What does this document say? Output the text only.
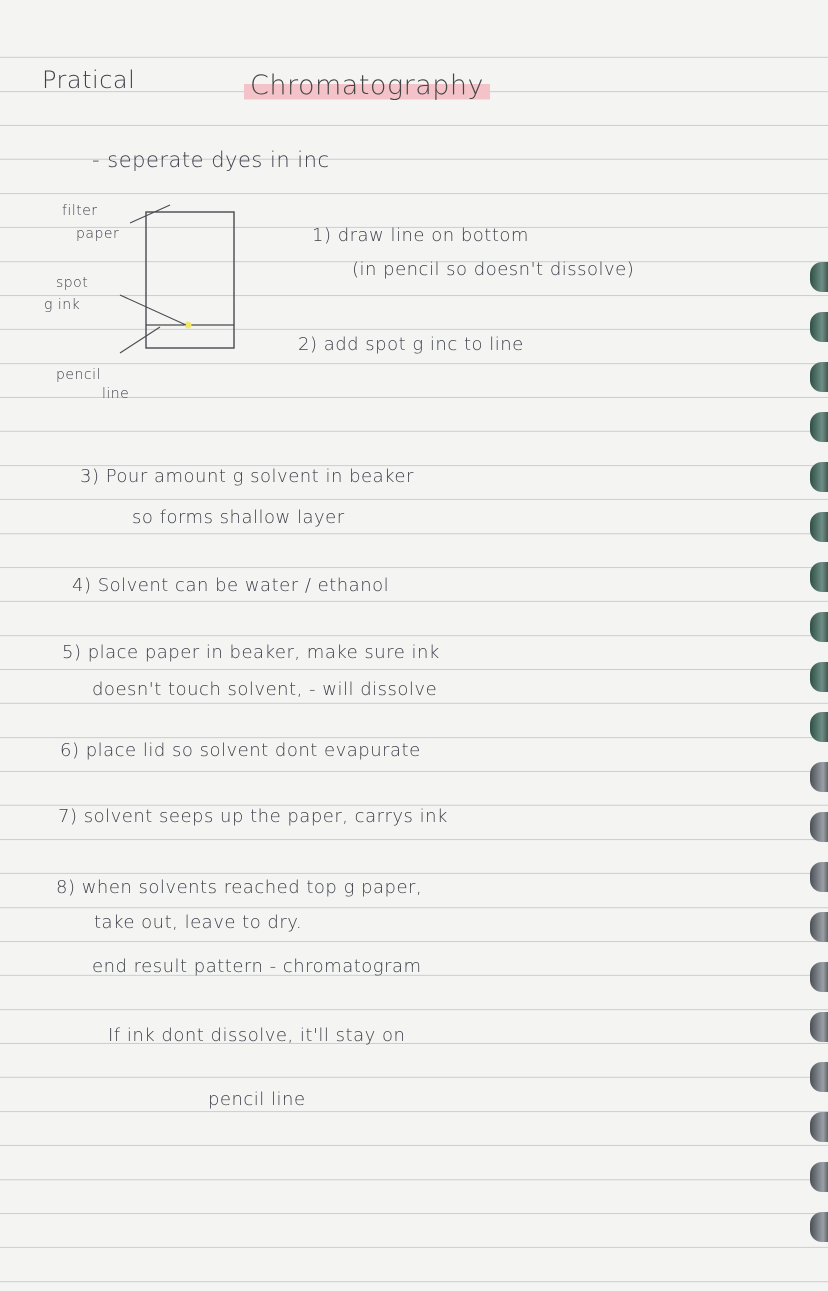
Pratical	Chromatography
- seperate dyes in inc
filter
paper
spot
g ink
pencil
line
1) draw line on bottom
(in pencil so doesn't dissolve)
2) add spot g inc to line
3) Pour amount g solvent in beaker
so forms shallow layer
4) Solvent can be water / ethanol
5) place paper in beaker, make sure ink
doesn't touch solvent, - will dissolve
6) place lid so solvent dont evapurate
7) solvent seeps up the paper, carrys ink
8) when solvents reached top g paper,
take out, leave to dry.
end result pattern - chromatogram
If ink dont dissolve, it'll stay on
pencil line
